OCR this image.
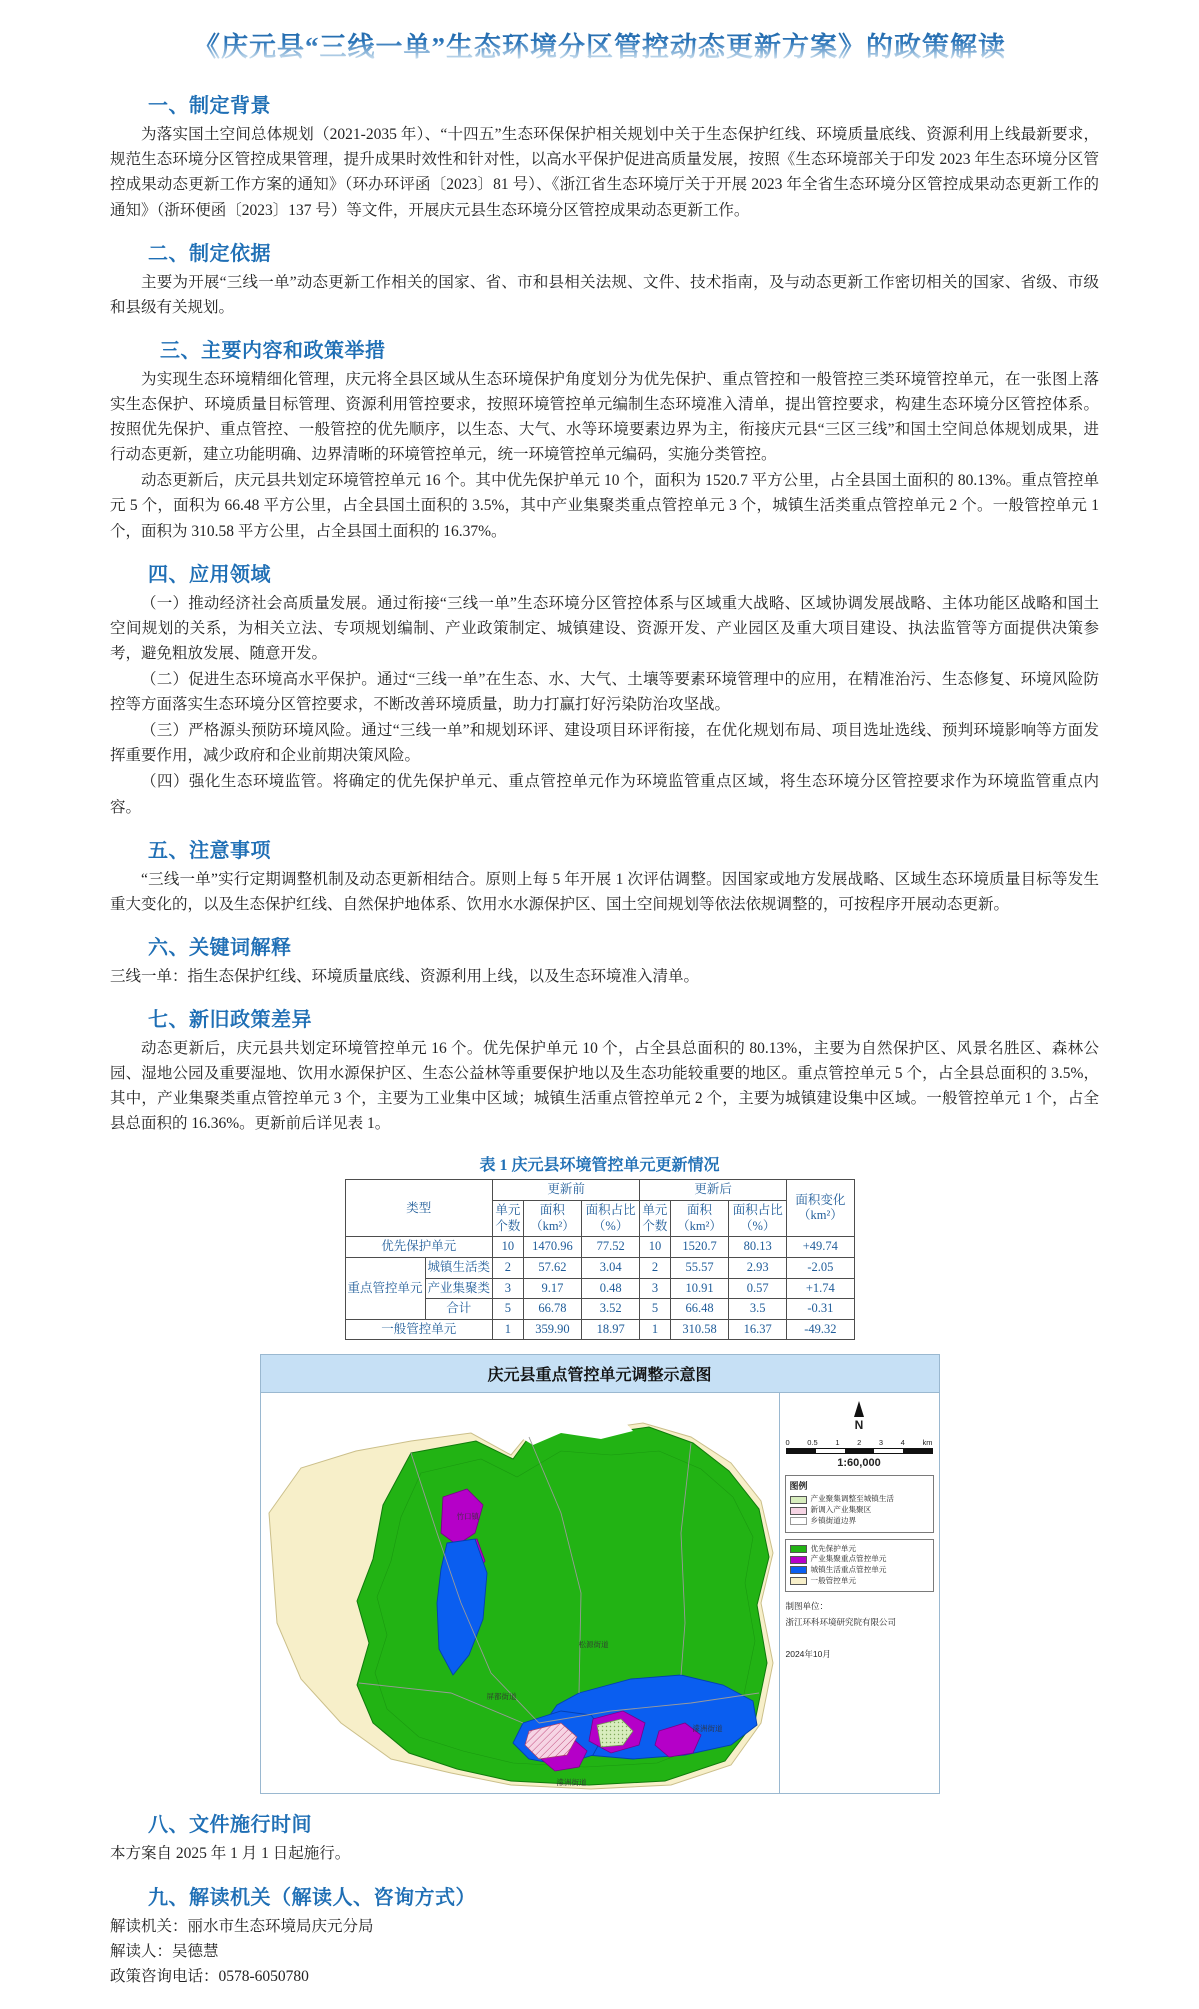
《庆元县“三线一单”生态环境分区管控动态更新方案》的政策解读
一、制定背景

为落实国土空间总体规划（2021-2035 年）、“十四五”生态环保保护相关规划中关于生态保护红线、环境质量底线、资源利用上线最新要求，规范生态环境分区管控成果管理，提升成果时效性和针对性，以高水平保护促进高质量发展，按照《生态环境部关于印发 2023 年生态环境分区管控成果动态更新工作方案的通知》（环办环评函〔2023〕81 号）、《浙江省生态环境厅关于开展 2023 年全省生态环境分区管控成果动态更新工作的通知》（浙环便函〔2023〕137 号）等文件，开展庆元县生态环境分区管控成果动态更新工作。

二、制定依据

主要为开展“三线一单”动态更新工作相关的国家、省、市和县相关法规、文件、技术指南，及与动态更新工作密切相关的国家、省级、市级和县级有关规划。

三、主要内容和政策举措

为实现生态环境精细化管理，庆元将全县区域从生态环境保护角度划分为优先保护、重点管控和一般管控三类环境管控单元，在一张图上落实生态保护、环境质量目标管理、资源利用管控要求，按照环境管控单元编制生态环境准入清单，提出管控要求，构建生态环境分区管控体系。按照优先保护、重点管控、一般管控的优先顺序，以生态、大气、水等环境要素边界为主，衔接庆元县“三区三线”和国土空间总体规划成果，进行动态更新，建立功能明确、边界清晰的环境管控单元，统一环境管控单元编码，实施分类管控。

动态更新后，庆元县共划定环境管控单元 16 个。其中优先保护单元 10 个，面积为 1520.7 平方公里，占全县国土面积的 80.13%。重点管控单元 5 个，面积为 66.48 平方公里，占全县国土面积的 3.5%，其中产业集聚类重点管控单元 3 个，城镇生活类重点管控单元 2 个。一般管控单元 1 个，面积为 310.58 平方公里，占全县国土面积的 16.37%。

四、应用领域

（一）推动经济社会高质量发展。通过衔接“三线一单”生态环境分区管控体系与区域重大战略、区域协调发展战略、主体功能区战略和国土空间规划的关系，为相关立法、专项规划编制、产业政策制定、城镇建设、资源开发、产业园区及重大项目建设、执法监管等方面提供决策参考，避免粗放发展、随意开发。

（二）促进生态环境高水平保护。通过“三线一单”在生态、水、大气、土壤等要素环境管理中的应用，在精准治污、生态修复、环境风险防控等方面落实生态环境分区管控要求，不断改善环境质量，助力打赢打好污染防治攻坚战。

（三）严格源头预防环境风险。通过“三线一单”和规划环评、建设项目环评衔接，在优化规划布局、项目选址选线、预判环境影响等方面发挥重要作用，减少政府和企业前期决策风险。

（四）强化生态环境监管。将确定的优先保护单元、重点管控单元作为环境监管重点区域，将生态环境分区管控要求作为环境监管重点内容。

五、注意事项

“三线一单”实行定期调整机制及动态更新相结合。原则上每 5 年开展 1 次评估调整。因国家或地方发展战略、区域生态环境质量目标等发生重大变化的，以及生态保护红线、自然保护地体系、饮用水水源保护区、国土空间规划等依法依规调整的，可按程序开展动态更新。

六、关键词解释

三线一单：指生态保护红线、环境质量底线、资源利用上线，以及生态环境准入清单。

七、新旧政策差异

动态更新后，庆元县共划定环境管控单元 16 个。优先保护单元 10 个，占全县总面积的 80.13%，主要为自然保护区、风景名胜区、森林公园、湿地公园及重要湿地、饮用水源保护区、生态公益林等重要保护地以及生态功能较重要的地区。重点管控单元 5 个，占全县总面积的 3.5%，其中，产业集聚类重点管控单元 3 个，主要为工业集中区域；城镇生活重点管控单元 2 个，主要为城镇建设集中区域。一般管控单元 1 个，占全县总面积的 16.36%。更新前后详见表 1。

表 1 庆元县环境管控单元更新情况
类型		更新前			更新后			面积变化（km²）
		单元个数	面积（km²）	面积占比（%）	单元个数	面积（km²）	面积占比（%）	
优先保护单元		10	1470.96	77.52	10	1520.7	80.13	+49.74
重点管控单元	城镇生活类	2	57.62	3.04	2	55.57	2.93	-2.05
	产业集聚类	3	9.17	0.48	3	10.91	0.57	+1.74
	合计	5	66.78	3.52	5	66.48	3.5	-0.31
一般管控单元		1	359.90	18.97	1	310.58	16.37	-49.32
庆元县重点管控单元调整示意图
竹口镇
松源街道
屏都街道
濛洲街道
濛洲街道
N
0 0.5 1 2 3 4 km
1:60,000
图例
产业聚集调整至城镇生活
新调入产业集聚区
乡镇街道边界
优先保护单元
产业集聚重点管控单元
城镇生活重点管控单元
一般管控单元
制图单位：
浙江环科环境研究院有限公司
2024年10月
八、文件施行时间

本方案自 2025 年 1 月 1 日起施行。

九、解读机关（解读人、咨询方式）

解读机关：丽水市生态环境局庆元分局

解读人：吴德慧

政策咨询电话：0578-6050780
